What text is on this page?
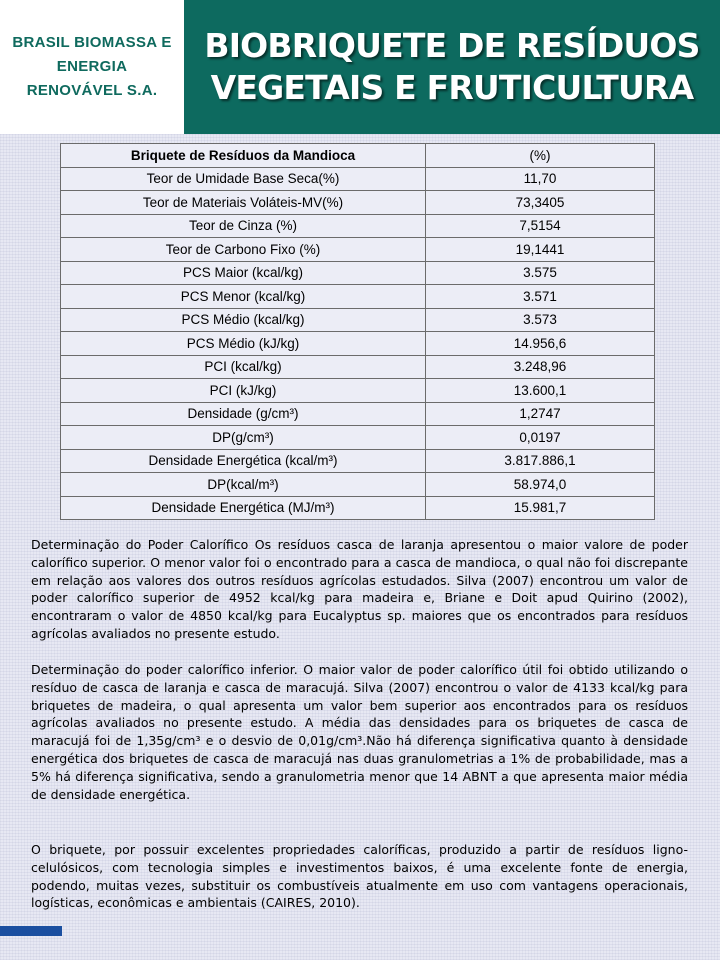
BRASIL BIOMASSA E
ENERGIA
RENOVÁVEL S.A.
BIOBRIQUETE DE RESÍDUOS
VEGETAIS E FRUTICULTURA
Briquete de Resíduos da Mandioca	(%)
Teor de Umidade Base Seca(%)	11,70
Teor de Materiais Voláteis-MV(%)	73,3405
Teor de Cinza (%)	7,5154
Teor de Carbono Fixo (%)	19,1441
PCS Maior (kcal/kg)	3.575
PCS Menor (kcal/kg)	3.571
PCS Médio (kcal/kg)	3.573
PCS Médio (kJ/kg)	14.956,6
PCI (kcal/kg)	3.248,96
PCI (kJ/kg)	13.600,1
Densidade (g/cm³)	1,2747
DP(g/cm³)	0,0197
Densidade Energética (kcal/m³)	3.817.886,1
DP(kcal/m³)	58.974,0
Densidade Energética (MJ/m³)	15.981,7

Determinação do Poder Calorífico Os resíduos casca de laranja apresentou o maior valore de poder calorífico superior. O menor valor foi o encontrado para a casca de mandioca, o qual não foi discrepante em relação aos valores dos outros resíduos agrícolas estudados. Silva (2007) encontrou um valor de poder calorífico superior de 4952 kcal/kg para madeira e, Briane e Doit apud Quirino (2002), encontraram o valor de 4850 kcal/kg para Eucalyptus sp. maiores que os encontrados para resíduos agrícolas avaliados no presente estudo.

Determinação do poder calorífico inferior. O maior valor de poder calorífico útil foi obtido utilizando o resíduo de casca de laranja e casca de maracujá. Silva (2007) encontrou o valor de 4133 kcal/kg para briquetes de madeira, o qual apresenta um valor bem superior aos encontrados para os resíduos agrícolas avaliados no presente estudo. A média das densidades para os briquetes de casca de maracujá foi de 1,35g/cm³ e o desvio de 0,01g/cm³.Não há diferença significativa quanto à densidade energética dos briquetes de casca de maracujá nas duas granulometrias a 1% de probabilidade, mas a 5% há diferença significativa, sendo a granulometria menor que 14 ABNT a que apresenta maior média de densidade energética.

O briquete, por possuir excelentes propriedades caloríficas, produzido a partir de resíduos ligno-celulósicos, com tecnologia simples e investimentos baixos, é uma excelente fonte de energia, podendo, muitas vezes, substituir os combustíveis atualmente em uso com vantagens operacionais, logísticas, econômicas e ambientais (CAIRES, 2010).
